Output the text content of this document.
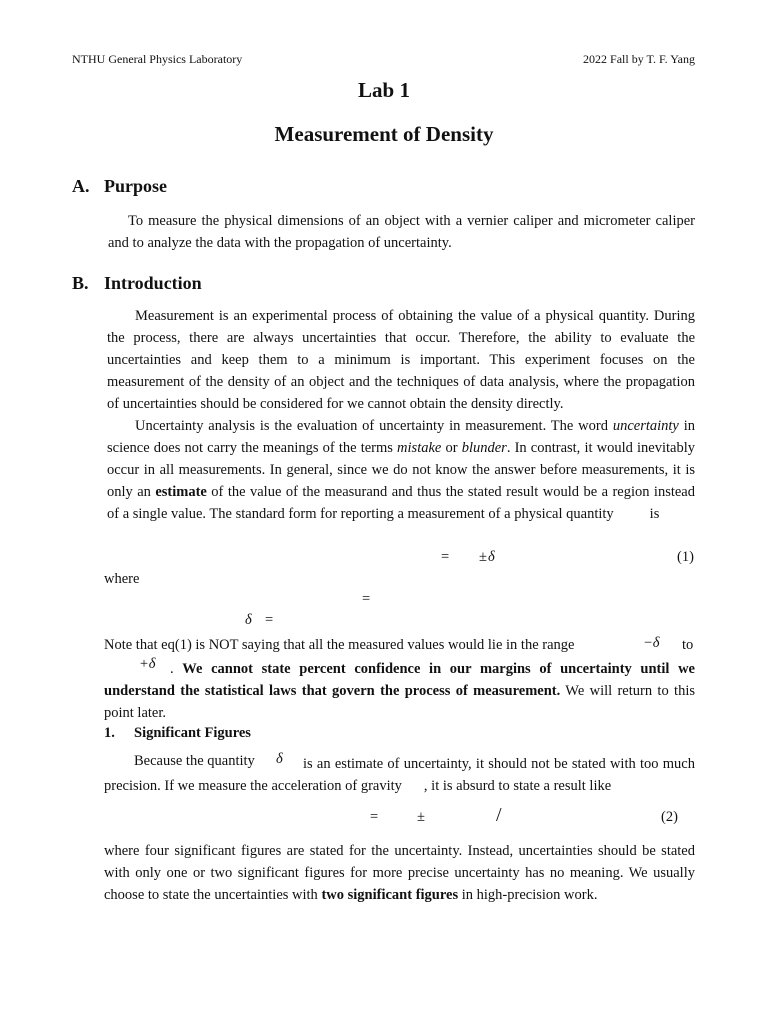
NTHU General Physics Laboratory	2022 Fall by T. F. Yang
Lab 1
Measurement of Density
A. Purpose
To measure the physical dimensions of an object with a vernier caliper and micrometer caliper and to analyze the data with the propagation of uncertainty.
B. Introduction
Measurement is an experimental process of obtaining the value of a physical quantity. During the process, there are always uncertainties that occur. Therefore, the ability to evaluate the uncertainties and keep them to a minimum is important. This experiment focuses on the measurement of the density of an object and the techniques of data analysis, where the propagation of uncertainties should be considered for we cannot obtain the density directly.
Uncertainty analysis is the evaluation of uncertainty in measurement. The word uncertainty in science does not carry the meanings of the terms mistake or blunder. In contrast, it would inevitably occur in all measurements. In general, since we do not know the answer before measurements, it is only an estimate of the value of the measurand and thus the stated result would be a region instead of a single value. The standard form for reporting a measurement of a physical quantity is
= ± δ	(1)
where
=
δ =
Note that eq(1) is NOT saying that all the measured values would lie in the range	−δ to
+δ . We cannot state percent confidence in our margins of uncertainty until we understand the statistical laws that govern the process of measurement. We will return to this point later.
1. Significant Figures
Because the quantity δ	is an estimate of uncertainty, it should not be stated with too much precision. If we measure the acceleration of gravity , it is absurd to state a result like
=	±	/	(2)
where four significant figures are stated for the uncertainty. Instead, uncertainties should be stated with only one or two significant figures for more precise uncertainty has no meaning. We usually choose to state the uncertainties with two significant figures in high-precision work.
